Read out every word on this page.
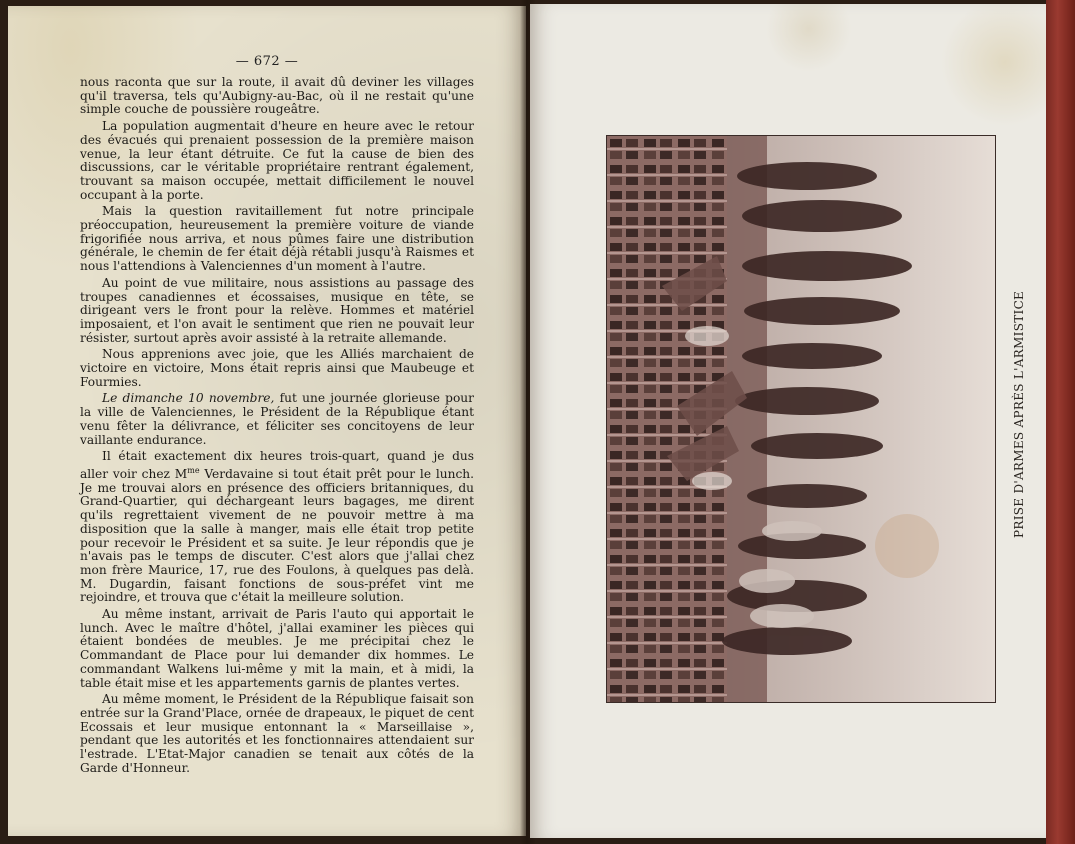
— 672 —

nous raconta que sur la route, il avait dû deviner les villages qu'il traversa, tels qu'Aubigny-au-Bac, où il ne restait qu'une simple couche de poussière rougeâtre.

La population augmentait d'heure en heure avec le retour des évacués qui prenaient possession de la première maison venue, la leur étant détruite. Ce fut la cause de bien des discussions, car le véritable propriétaire rentrant également, trouvant sa maison occupée, mettait difficilement le nouvel occupant à la porte.

Mais la question ravitaillement fut notre principale préoccupation, heureusement la première voiture de viande frigorifiée nous arriva, et nous pûmes faire une distribution générale, le chemin de fer était déjà rétabli jusqu'à Raismes et nous l'attendions à Valenciennes d'un moment à l'autre.

Au point de vue militaire, nous assistions au passage des troupes canadiennes et écossaises, musique en tête, se dirigeant vers le front pour la relève. Hommes et matériel imposaient, et l'on avait le sentiment que rien ne pouvait leur résister, surtout après avoir assisté à la retraite allemande.

Nous apprenions avec joie, que les Alliés marchaient de victoire en victoire, Mons était repris ainsi que Maubeuge et Fourmies.

Le dimanche 10 novembre, fut une journée glorieuse pour la ville de Valenciennes, le Président de la République étant venu fêter la délivrance, et féliciter ses concitoyens de leur vaillante endurance.

Il était exactement dix heures trois-quart, quand je dus aller voir chez $M^{me}$ Verdavaine si tout était prêt pour le lunch. Je me trouvai alors en présence des officiers britanniques, du Grand-Quartier, qui déchargeant leurs bagages, me dirent qu'ils regrettaient vivement de ne pouvoir mettre à ma disposition que la salle à manger, mais elle était trop petite pour recevoir le Président et sa suite. Je leur répondis que je n'avais pas le temps de discuter. C'est alors que j'allai chez mon frère Maurice, 17, rue des Foulons, à quelques pas delà. M. Dugardin, faisant fonctions de sous-préfet vint me rejoindre, et trouva que c'était la meilleure solution.

Au même instant, arrivait de Paris l'auto qui apportait le lunch. Avec le maître d'hôtel, j'allai examiner les pièces qui étaient bondées de meubles. Je me précipitai chez le Commandant de Place pour lui demander dix hommes. Le commandant Walkens lui-même y mit la main, et à midi, la table était mise et les appartements garnis de plantes vertes.

Au même moment, le Président de la République faisait son entrée sur la Grand'Place, ornée de drapeaux, le piquet de cent Ecossais et leur musique entonnant la « Marseillaise », pendant que les autorités et les fonctionnaires attendaient sur l'estrade. L'Etat-Major canadien se tenait aux côtés de la Garde d'Honneur.

PRISE D'ARMES APRÈS L'ARMISTICE
